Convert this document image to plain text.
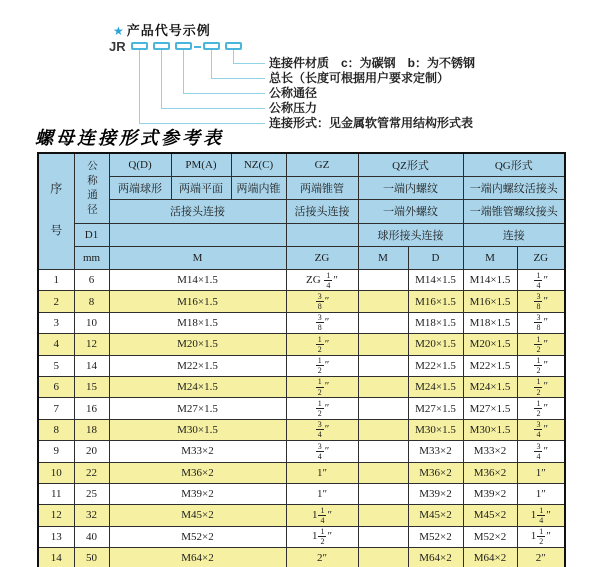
★ 产品代号示例
JR
连接件材质　c：为碳钢　b：为不锈钢
总长（长度可根据用户要求定制）
公称通径
公称压力
连接形式：见金属软管常用结构形式表
螺母连接形式参考表
序号	公称通径	Q(D)	PM(A)	NZ(C)	GZ	QZ形式		QG形式	
		两端球形	两端平面	两端内锥	两端锥管	一端内螺纹		一端内螺纹活接头	
		活接头连接			活接头连接	一端外螺纹		一端锥管螺纹接头	
	D1					球形接头连接		连接	
	mm	M			ZG	M	D	M	ZG
1	6	M14×1.5			ZG $\frac{1}{4}$ ″		M14×1.5	M14×1.5	$\frac{1}{4}$ ″
2	8	M16×1.5			$\frac{3}{8}$ ″		M16×1.5	M16×1.5	$\frac{3}{8}$ ″
3	10	M18×1.5			$\frac{3}{8}$ ″		M18×1.5	M18×1.5	$\frac{3}{8}$ ″
4	12	M20×1.5			$\frac{1}{2}$ ″		M20×1.5	M20×1.5	$\frac{1}{2}$ ″
5	14	M22×1.5			$\frac{1}{2}$ ″		M22×1.5	M22×1.5	$\frac{1}{2}$ ″
6	15	M24×1.5			$\frac{1}{2}$ ″		M24×1.5	M24×1.5	$\frac{1}{2}$ ″
7	16	M27×1.5			$\frac{1}{2}$ ″		M27×1.5	M27×1.5	$\frac{1}{2}$ ″
8	18	M30×1.5			$\frac{3}{4}$ ″		M30×1.5	M30×1.5	$\frac{3}{4}$ ″
9	20	M33×2			$\frac{3}{4}$ ″		M33×2	M33×2	$\frac{3}{4}$ ″
10	22	M36×2			1″		M36×2	M36×2	1″
11	25	M39×2			1″		M39×2	M39×2	1″
12	32	M45×2			$1 \frac{1}{4}$ ″		M45×2	M45×2	$1 \frac{1}{4}$ ″
13	40	M52×2			$1 \frac{1}{2}$ ″		M52×2	M52×2	$1 \frac{1}{2}$ ″
14	50	M64×2			2″		M64×2	M64×2	2″
